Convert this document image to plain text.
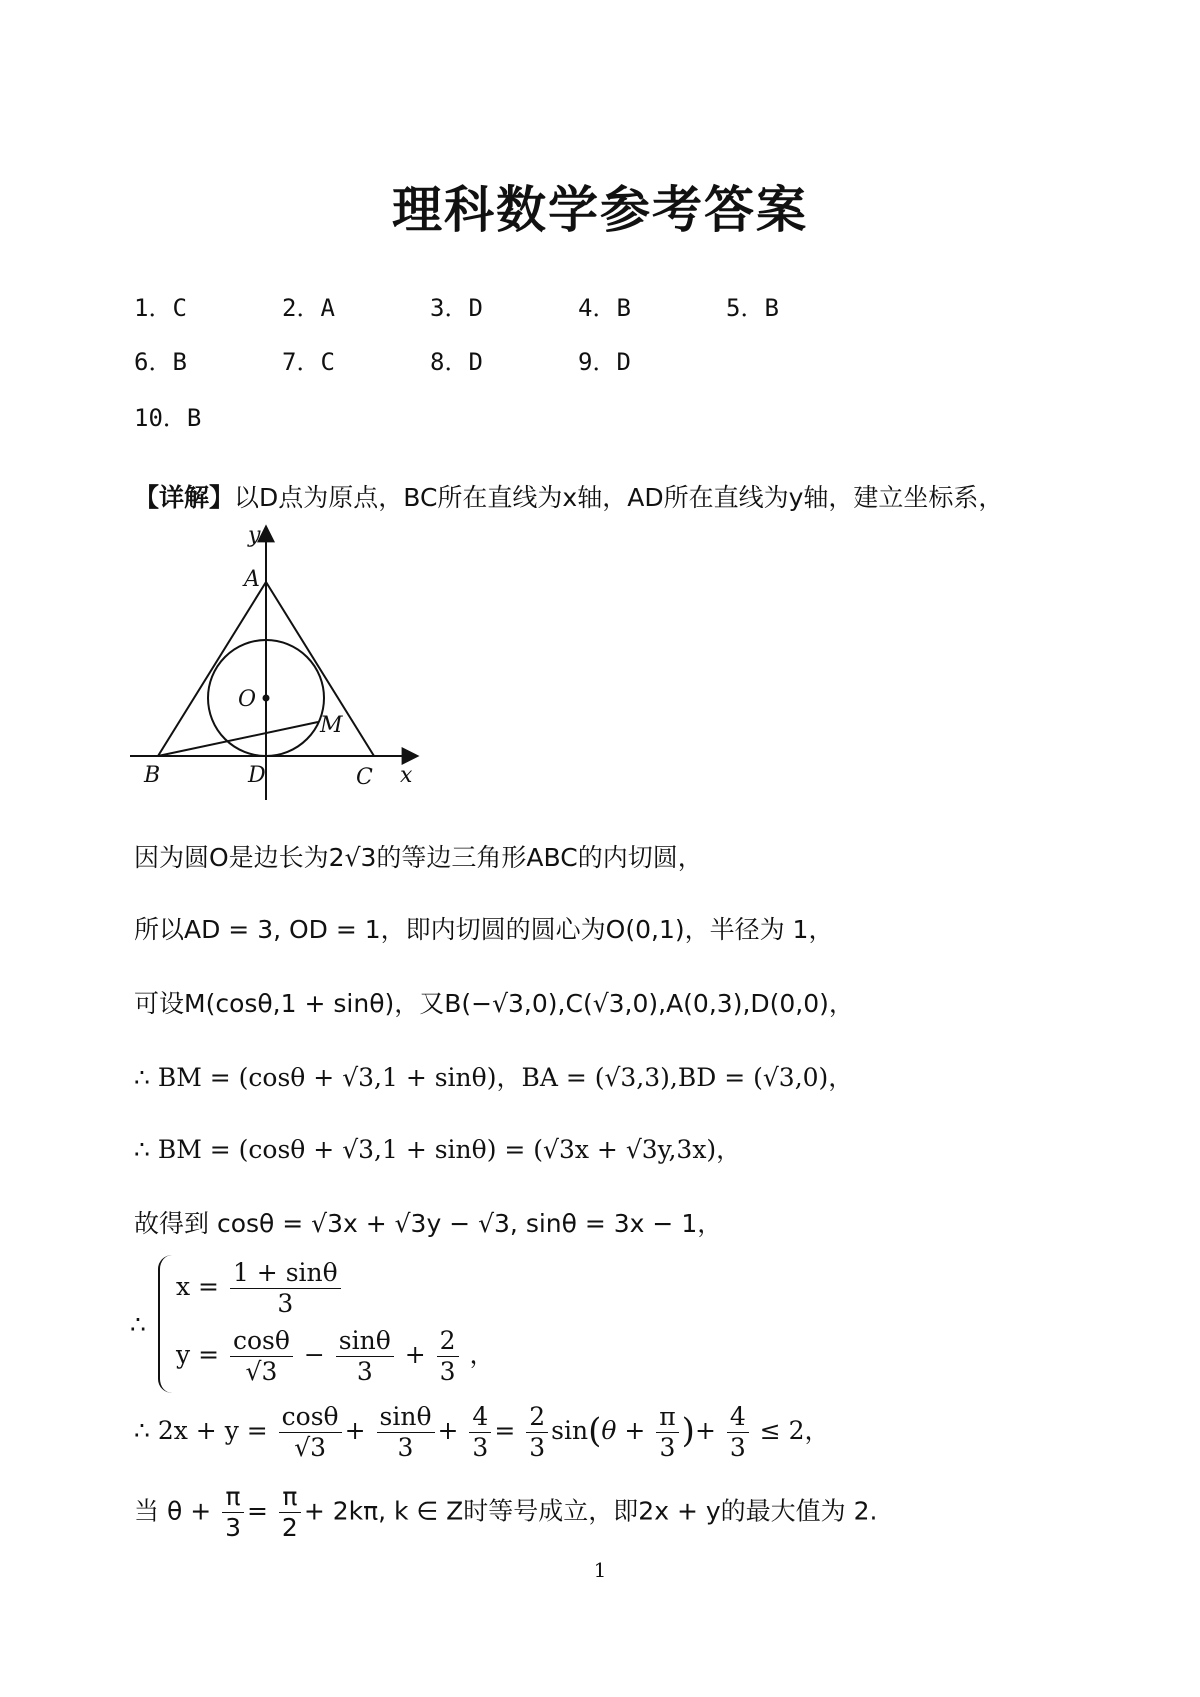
理科数学参考答案
1．C	2．A	3．D	4．B	5．B
6．B	7．C	8．D	9．D
10．B
【详解】以D点为原点，BC所在直线为x轴，AD所在直线为y轴，建立坐标系，
y
A
O
M
B	D	C x
因为圆O是边长为2√3的等边三角形ABC的内切圆，
所以AD = 3, OD = 1，即内切圆的圆心为O(0,1)，半径为 1，
可设M(cosθ,1 + sinθ)，又B(−√3,0),C(√3,0),A(0,3),D(0,0)，
∴ BM = (cosθ + √3,1 + sinθ)，BA = (√3,3),BD = (√3,0)，
∴ BM = (cosθ + √3,1 + sinθ) = (√3x + √3y,3x)，
故得到 cosθ = √3x + √3y − √3, sinθ = 3x − 1，
∴
$x = \frac{1 + \sin\theta}{3}$
$y = \frac{\cos\theta}{√3} - \frac{\sin\theta}{3} + \frac{2}{3}$ ，
∴ $2x + y = \frac{\cos\theta}{√3} + \frac{\sin\theta}{3} + \frac{4}{3} = \frac{2}{3} \sin(\theta + \frac{\pi}{3}$ )+ $\frac{4}{3} \le 2$，
当 $\theta + \frac{\pi}{3} = \frac{\pi}{2} + 2k\pi$, k ∈ Z时等号成立，即2x + y的最大值为 2.
1
